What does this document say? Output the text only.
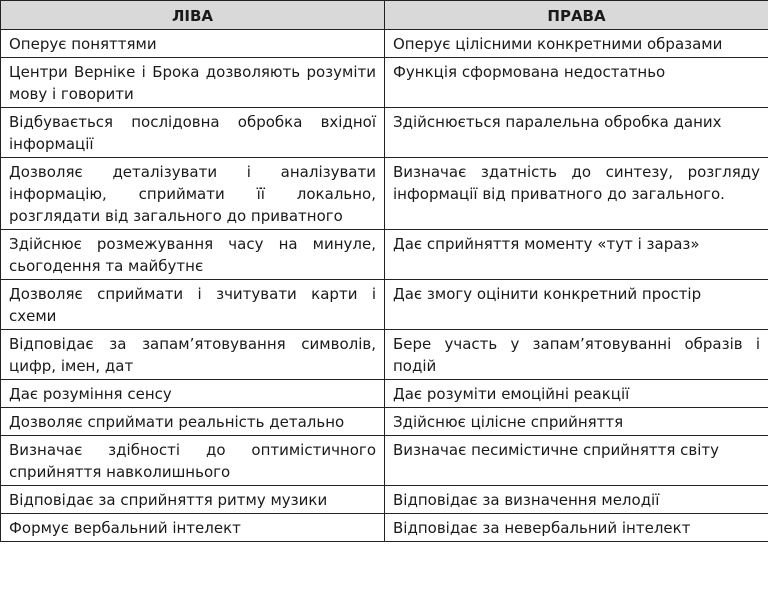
ЛІВА	ПРАВА
Оперує поняттями	Оперує цілісними конкретними образами
Центри Верніке і Брока дозволяють розуміти мову і говорити	Функція сформована недостатньо
Відбувається послідовна обробка вхідної інформації	Здійснюється паралельна обробка даних
Дозволяє деталізувати і аналізувати інформацію, сприймати її локально, розглядати від загального до приватного	Визначає здатність до синтезу, розгляду інформації від приватного до загального.
Здійснює розмежування часу на минуле, сьогодення та майбутнє	Дає сприйняття моменту «тут і зараз»
Дозволяє сприймати і зчитувати карти і схеми	Дає змогу оцінити конкретний простір
Відповідає за запам’ятовування символів, цифр, імен, дат	Бере участь у запам’ятовуванні образів і подій
Дає розуміння сенсу	Дає розуміти емоційні реакції
Дозволяє сприймати реальність детально	Здійснює цілісне сприйняття
Визначає здібності до оптимістичного сприйняття навколишнього	Визначає песимістичне сприйняття світу
Відповідає за сприйняття ритму музики	Відповідає за визначення мелодії
Формує вербальний інтелект	Відповідає за невербальний інтелект
